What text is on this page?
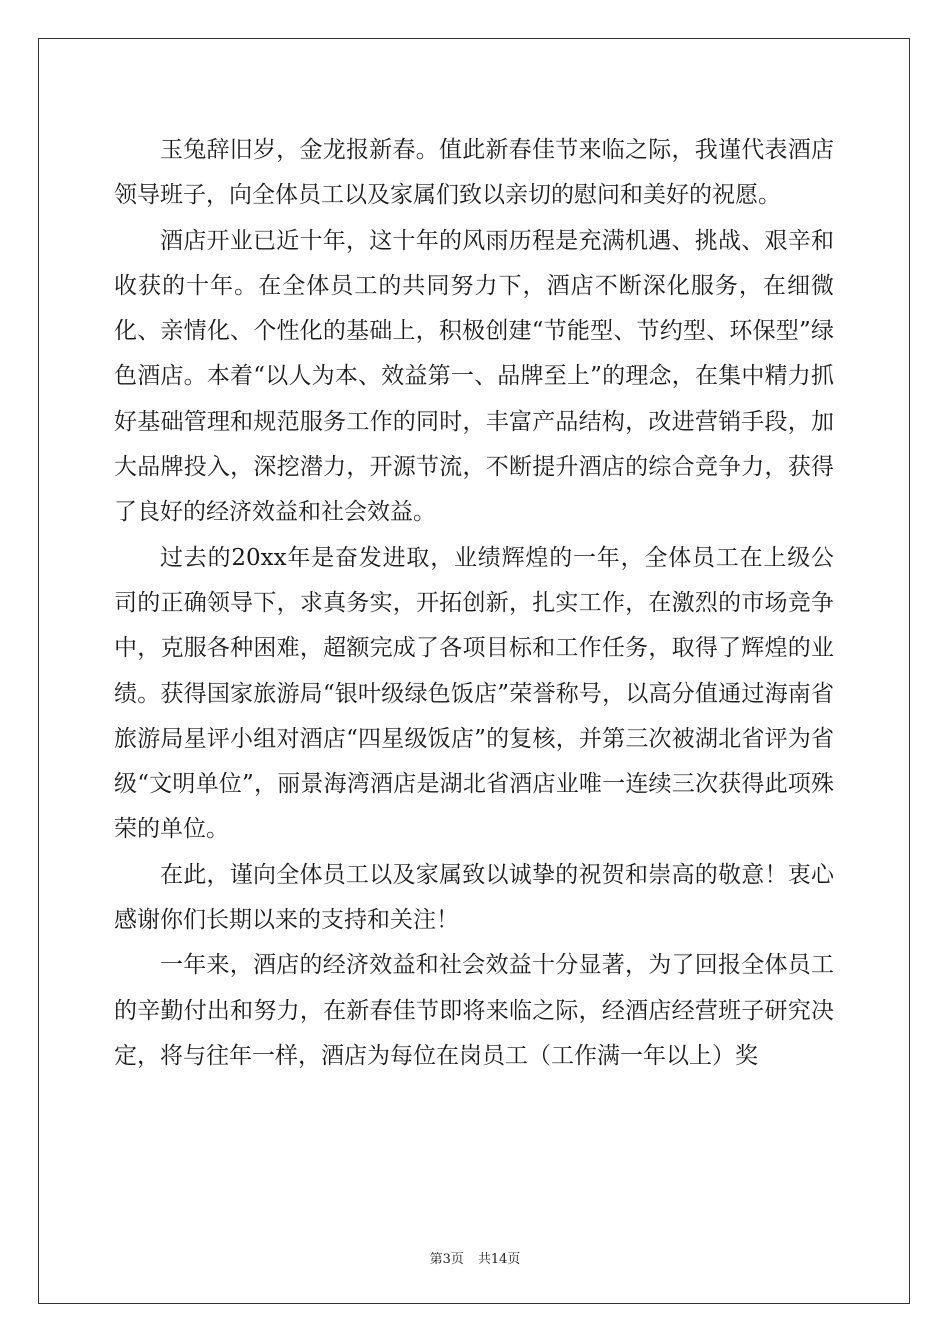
玉兔辞旧岁，金龙报新春。值此新春佳节来临之际，我谨代表酒店领导班子，向全体员工以及家属们致以亲切的慰问和美好的祝愿。

酒店开业已近十年，这十年的风雨历程是充满机遇、挑战、艰辛和收获的十年。在全体员工的共同努力下，酒店不断深化服务，在细微化、亲情化、个性化的基础上，积极创建“节能型、节约型、环保型”绿色酒店。本着“以人为本、效益第一、品牌至上”的理念，在集中精力抓好基础管理和规范服务工作的同时，丰富产品结构，改进营销手段，加大品牌投入，深挖潜力，开源节流，不断提升酒店的综合竞争力，获得了良好的经济效益和社会效益。

过去的20xx年是奋发进取，业绩辉煌的一年，全体员工在上级公司的正确领导下，求真务实，开拓创新，扎实工作，在激烈的市场竞争中，克服各种困难，超额完成了各项目标和工作任务，取得了辉煌的业绩。获得国家旅游局“银叶级绿色饭店”荣誉称号，以高分值通过海南省旅游局星评小组对酒店“四星级饭店”的复核，并第三次被湖北省评为省级“文明单位”，丽景海湾酒店是湖北省酒店业唯一连续三次获得此项殊荣的单位。

在此，谨向全体员工以及家属致以诚挚的祝贺和崇高的敬意！衷心感谢你们长期以来的支持和关注！

一年来，酒店的经济效益和社会效益十分显著，为了回报全体员工的辛勤付出和努力，在新春佳节即将来临之际，经酒店经营班子研究决定，将与往年一样，酒店为每位在岗员工（工作满一年以上）奖

第3页 共14页
